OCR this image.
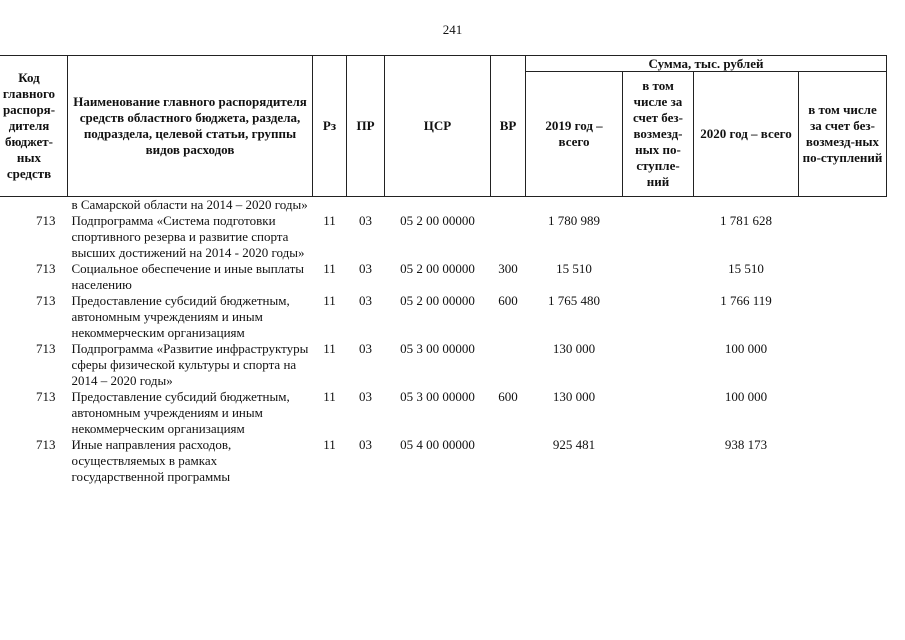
241
Код главного распоря-дителя бюджет-ных средств	Наименование главного распорядителя средств областного бюджета, раздела, подраздела, целевой статьи, группы видов расходов	Рз	ПР	ЦСР	ВР	Сумма, тыс. рублей			
						2019 год – всего	в том числе за счет без-возмезд-ных по-ступле-ний	2020 год – всего	в том числе за счет без-возмезд-ных по-ступлений
	в Самарской области на 2014 – 2020 годы»								
713	Подпрограмма «Система подготовки спортивного резерва и развитие спорта высших достижений на 2014 - 2020 годы»	11	03	05 2 00 00000		1 780 989		1 781 628	
713	Социальное обеспечение и иные выплаты населению	11	03	05 2 00 00000	300	15 510		15 510	
713	Предоставление субсидий бюджетным, автономным учреждениям и иным некоммерческим организациям	11	03	05 2 00 00000	600	1 765 480		1 766 119	
713	Подпрограмма «Развитие инфраструктуры сферы физической культуры и спорта на 2014 – 2020 годы»	11	03	05 3 00 00000		130 000		100 000	
713	Предоставление субсидий бюджетным, автономным учреждениям и иным некоммерческим организациям	11	03	05 3 00 00000	600	130 000		100 000	
713	Иные направления расходов, осуществляемых в рамках государственной программы	11	03	05 4 00 00000		925 481		938 173	
